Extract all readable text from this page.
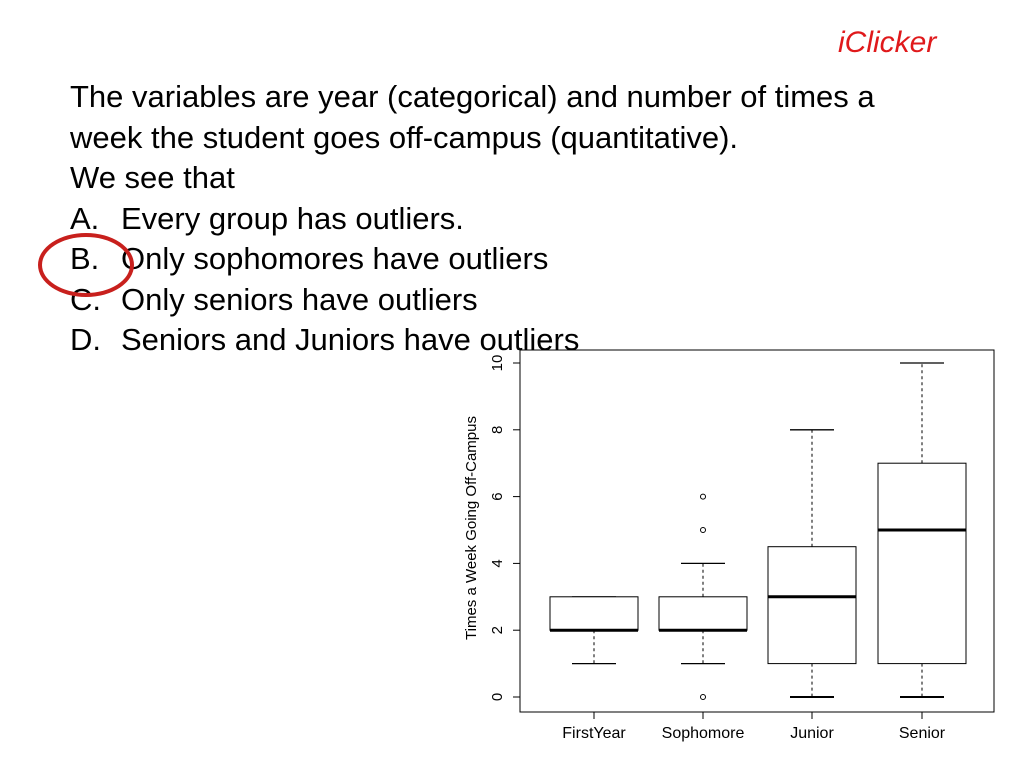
iClicker
The variables are year (categorical) and number of times a
week the student goes off-campus (quantitative).
We see that
A. Every group has outliers.
B. Only sophomores have outliers
C. Only seniors have outliers
D. Seniors and Juniors have outliers
0
2
4
6
8
10
Times a Week Going Off-Campus
FirstYear Sophomore	Junior	Senior
